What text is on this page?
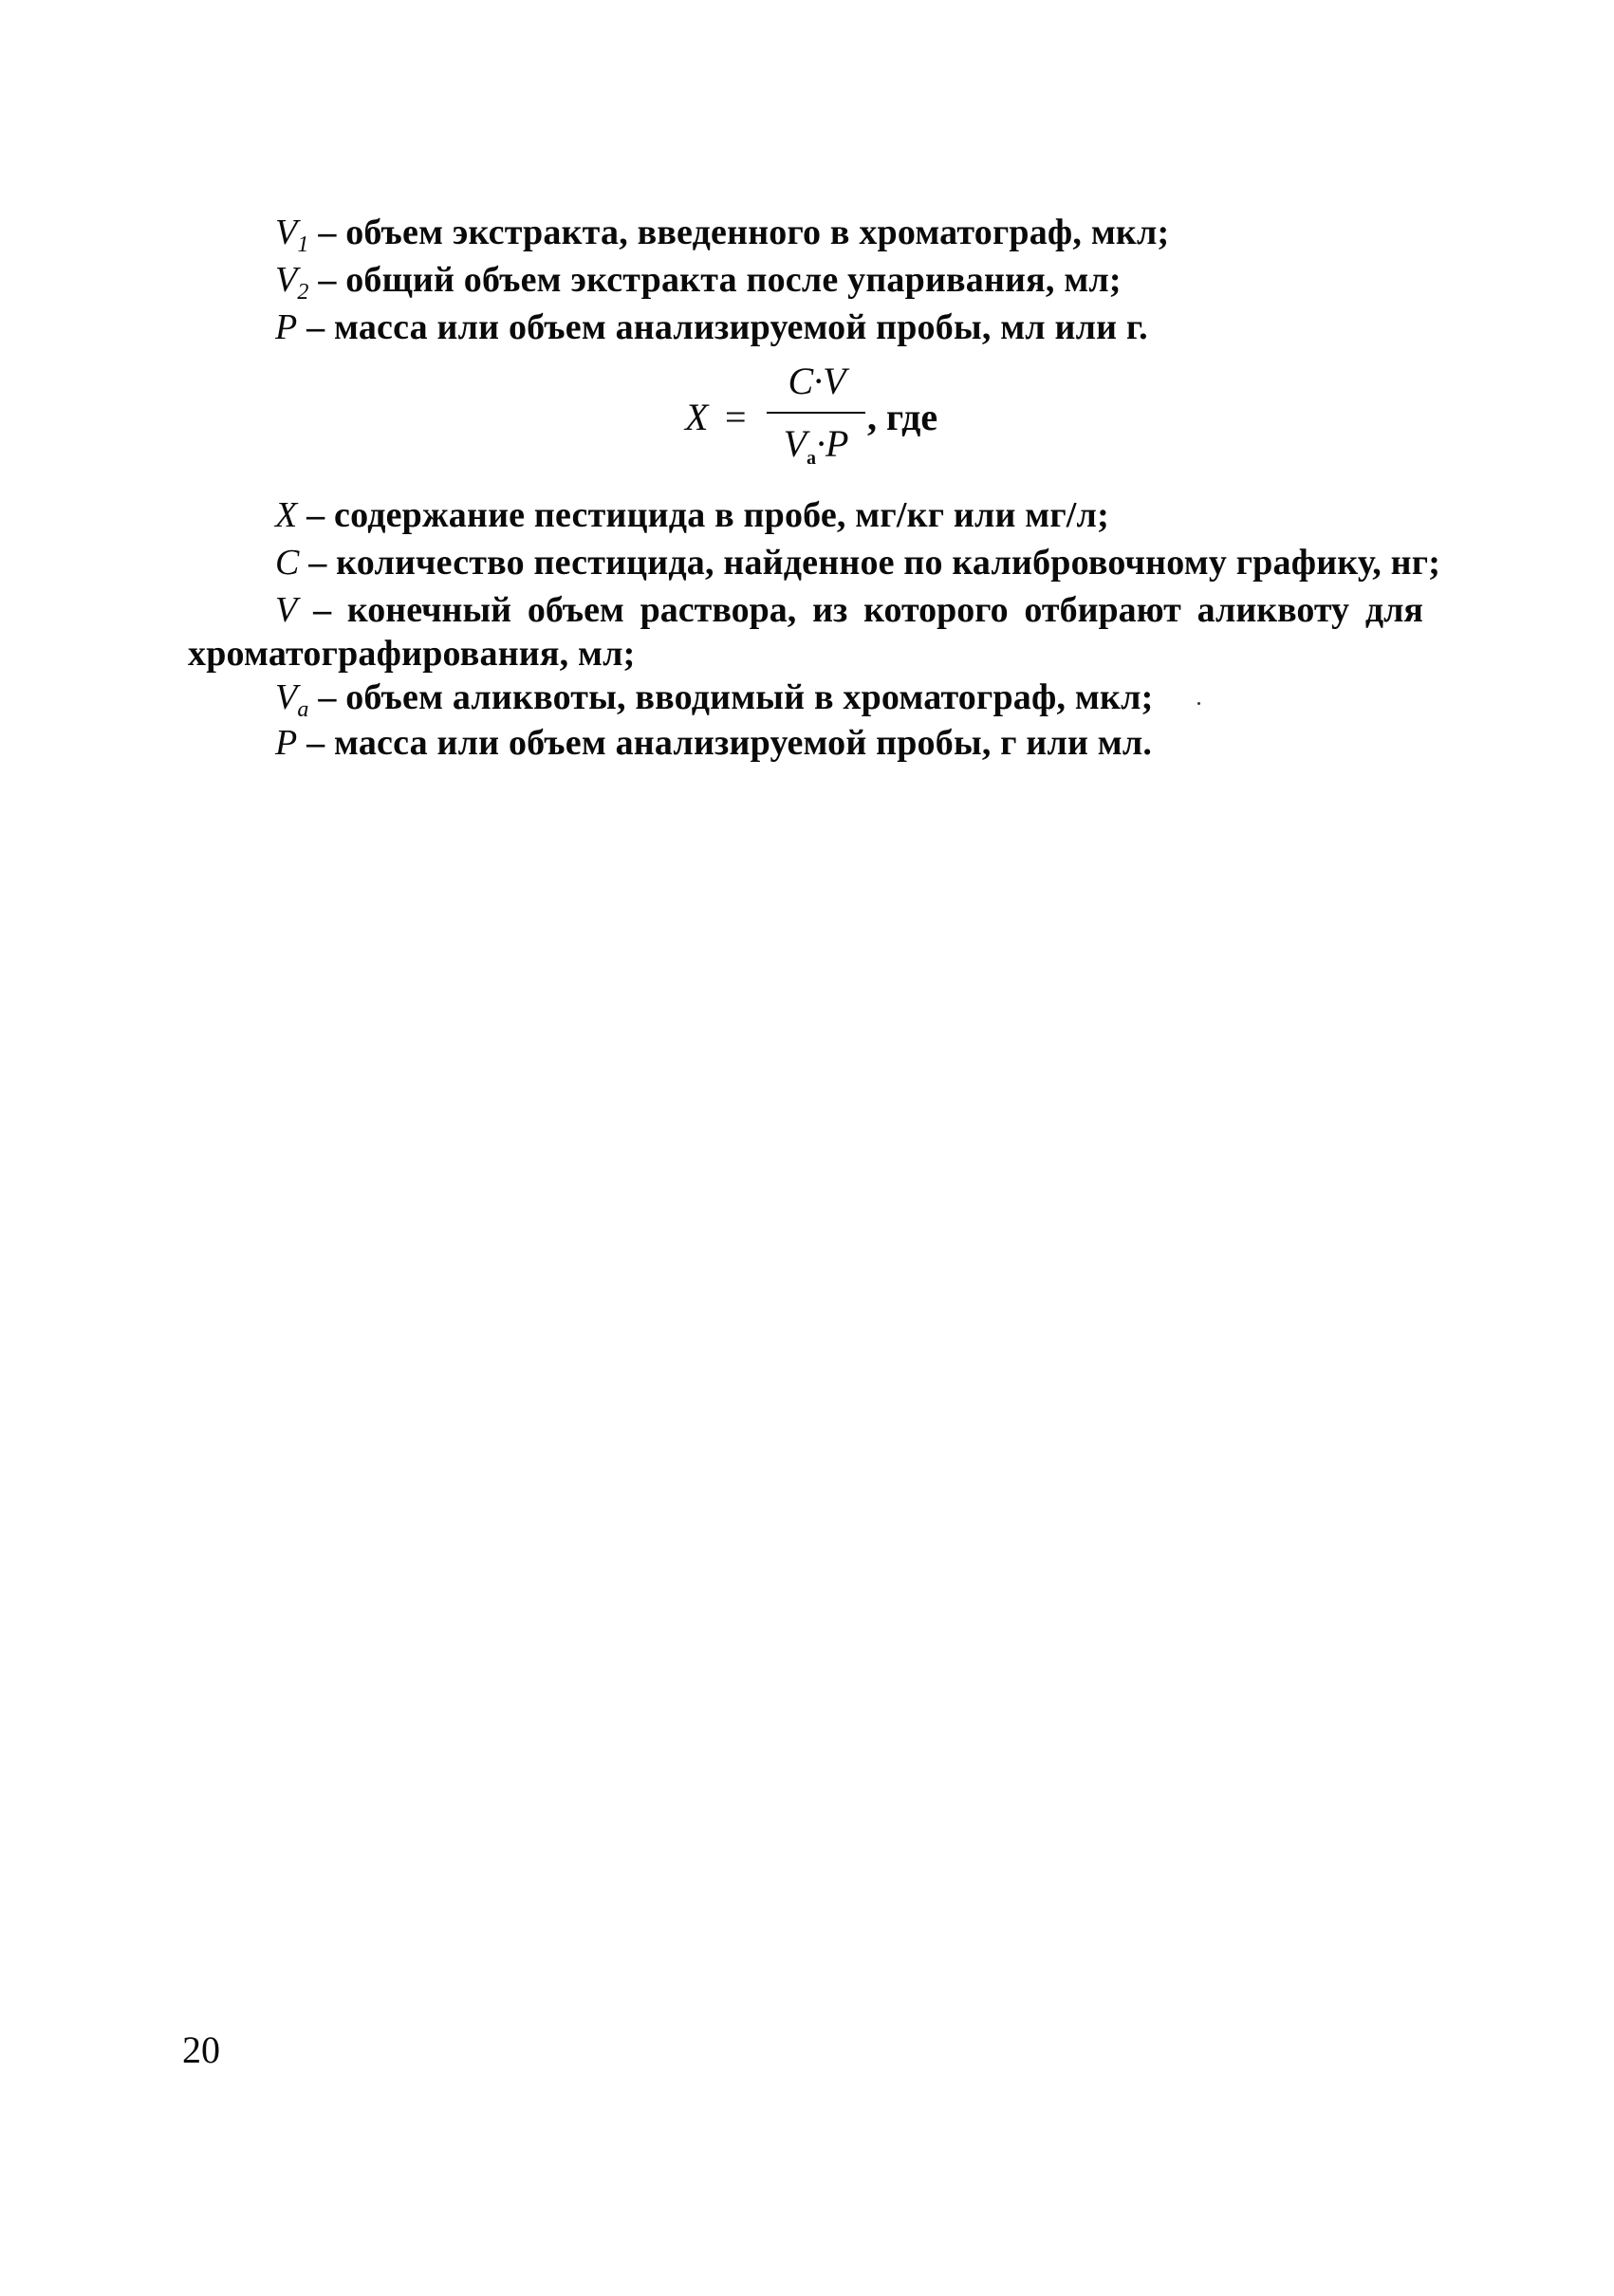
$V_1$ – объем экстракта, введенного в хроматограф, мкл;
$V_2$ – общий объем экстракта после упаривания, мл;
P – масса или объем анализируемой пробы, мл или г.
X =
C·V
$V_a\cdot P$
, где
X – содержание пестицида в пробе, мг/кг или мг/л;
C – количество пестицида, найденное по калибровочному графику, нг;
V – конечный объем раствора, из которого отбирают аликвоту для
хроматографирования, мл;
$V_a$ – объем аликвоты, вводимый в хроматограф, мкл;
P – масса или объем анализируемой пробы, г или мл.
20
